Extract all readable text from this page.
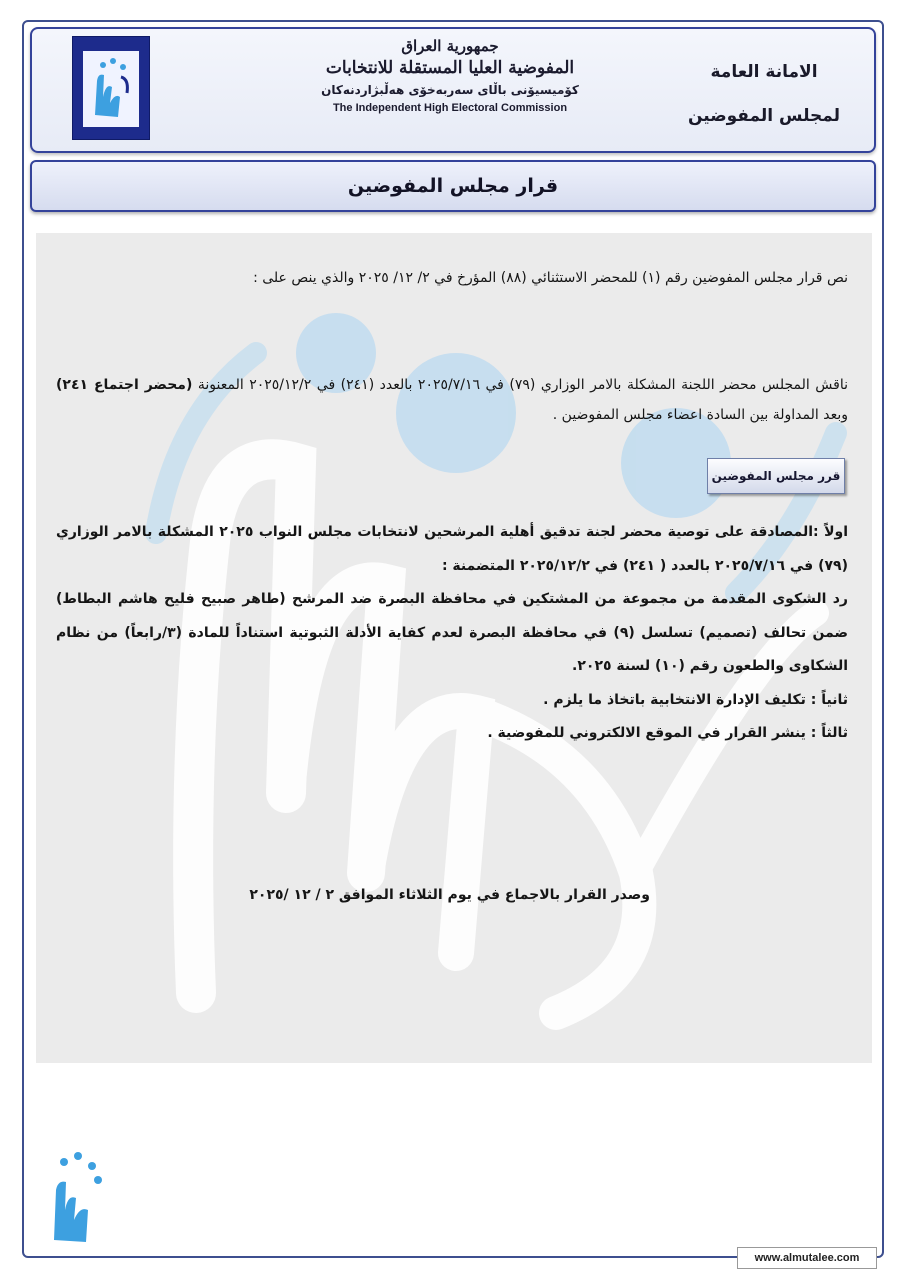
جمهورية العراق
المفوضية العليا المستقلة للانتخابات
کۆمیسیۆنی باڵای سەربەخۆی هەڵبژاردنەکان
The Independent High Electoral Commission
الامانة العامة
لمجلس المفوضين
قرار مجلس المفوضين
نص قرار مجلس المفوضين رقم (١) للمحضر الاستثنائي (٨٨) المؤرخ في ٢/ ١٢/ ٢٠٢٥ والذي ينص على :
ناقش المجلس محضر اللجنة المشكلة بالامر الوزاري (٧٩) في ٢٠٢٥/٧/١٦ بالعدد (٢٤١) في ٢٠٢٥/١٢/٢ المعنونة (محضر اجتماع ٢٤١) وبعد المداولة بين السادة اعضاء مجلس المفوضين .
قرر مجلس المفوضين
اولاً :المصادقة على توصية محضر لجنة تدقيق أهلية المرشحين لانتخابات مجلس النواب ٢٠٢٥ المشكلة بالامر الوزاري (٧٩) في ٢٠٢٥/٧/١٦ بالعدد ( ٢٤١) في ٢٠٢٥/١٢/٢ المتضمنة :
رد الشكوى المقدمة من مجموعة من المشتكين في محافظة البصرة ضد المرشح (طاهر صبيح فليح هاشم البطاط) ضمن تحالف (تصميم) تسلسل (٩) في محافظة البصرة لعدم كفاية الأدلة الثبوتية استناداً للمادة (٣/رابعاً) من نظام الشكاوى والطعون رقم (١٠) لسنة ٢٠٢٥.
ثانياً : تكليف الإدارة الانتخابية باتخاذ ما يلزم .
ثالثاً : ينشر القرار في الموقع الالكتروني للمفوضية .
وصدر القرار بالاجماع في يوم الثلاثاء الموافق ٢ / ١٢ /٢٠٢٥
www.almutalee.com
